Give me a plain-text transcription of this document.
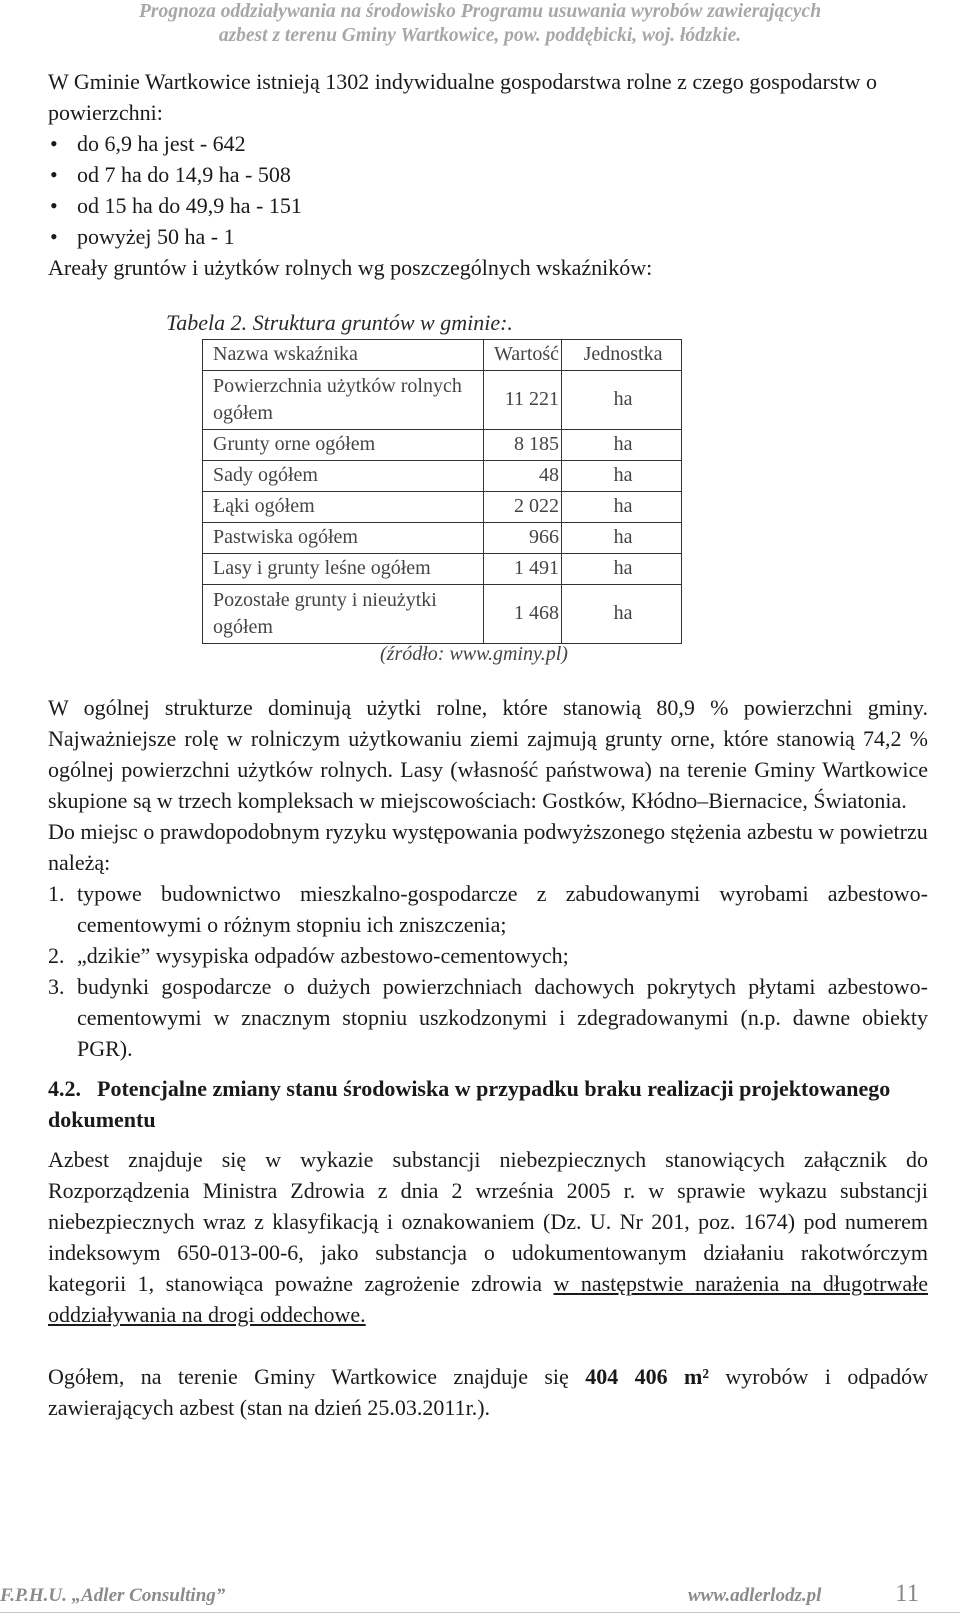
Prognoza oddziaływania na środowisko Programu usuwania wyrobów zawierających
azbest z terenu Gminy Wartkowice, pow. poddębicki, woj. łódzkie.

W Gminie Wartkowice istnieją 1302 indywidualne gospodarstwa rolne z czego gospodarstw o powierzchni:

• do 6,9 ha jest - 642
• od 7 ha do 14,9 ha - 508
• od 15 ha do 49,9 ha - 151
• powyżej 50 ha - 1

Areały gruntów i użytków rolnych wg poszczególnych wskaźników:

Tabela 2. Struktura gruntów w gminie:.
Nazwa wskaźnika	Wartość	Jednostka
Powierzchnia użytków rolnych ogółem	11 221	ha
Grunty orne ogółem	8 185	ha
Sady ogółem	48	ha
Łąki ogółem	2 022	ha
Pastwiska ogółem	966	ha
Lasy i grunty leśne ogółem	1 491	ha
Pozostałe grunty i nieużytki ogółem	1 468	ha
(źródło: www.gminy.pl)

W ogólnej strukturze dominują użytki rolne, które stanowią 80,9 % powierzchni gminy. Najważniejsze rolę w rolniczym użytkowaniu ziemi zajmują grunty orne, które stanowią 74,2 % ogólnej powierzchni użytków rolnych. Lasy (własność państwowa) na terenie Gminy Wartkowice skupione są w trzech kompleksach w miejscowościach: Gostków, Kłódno–Biernacice, Światonia.

Do miejsc o prawdopodobnym ryzyku występowania podwyższonego stężenia azbestu w powietrzu należą:

1. typowe budownictwo mieszkalno-gospodarcze z zabudowanymi wyrobami azbestowo-cementowymi o różnym stopniu ich zniszczenia;
2. „dzikie” wysypiska odpadów azbestowo-cementowych;
3. budynki gospodarcze o dużych powierzchniach dachowych pokrytych płytami azbestowo-cementowymi w znacznym stopniu uszkodzonymi i zdegradowanymi (n.p. dawne obiekty PGR).
4.2. Potencjalne zmiany stanu środowiska w przypadku braku realizacji projektowanego dokumentu

Azbest znajduje się w wykazie substancji niebezpiecznych stanowiących załącznik do Rozporządzenia Ministra Zdrowia z dnia 2 września 2005 r. w sprawie wykazu substancji niebezpiecznych wraz z klasyfikacją i oznakowaniem (Dz. U. Nr 201, poz. 1674) pod numerem indeksowym 650-013-00-6, jako substancja o udokumentowanym działaniu rakotwórczym kategorii 1, stanowiąca poważne zagrożenie zdrowia w następstwie narażenia na długotrwałe oddziaływania na drogi oddechowe.

Ogółem, na terenie Gminy Wartkowice znajduje się 404 406 m² wyrobów i odpadów zawierających azbest (stan na dzień 25.03.2011r.).

F.P.H.U. „Adler Consulting”	www.adlerlodz.pl	11
